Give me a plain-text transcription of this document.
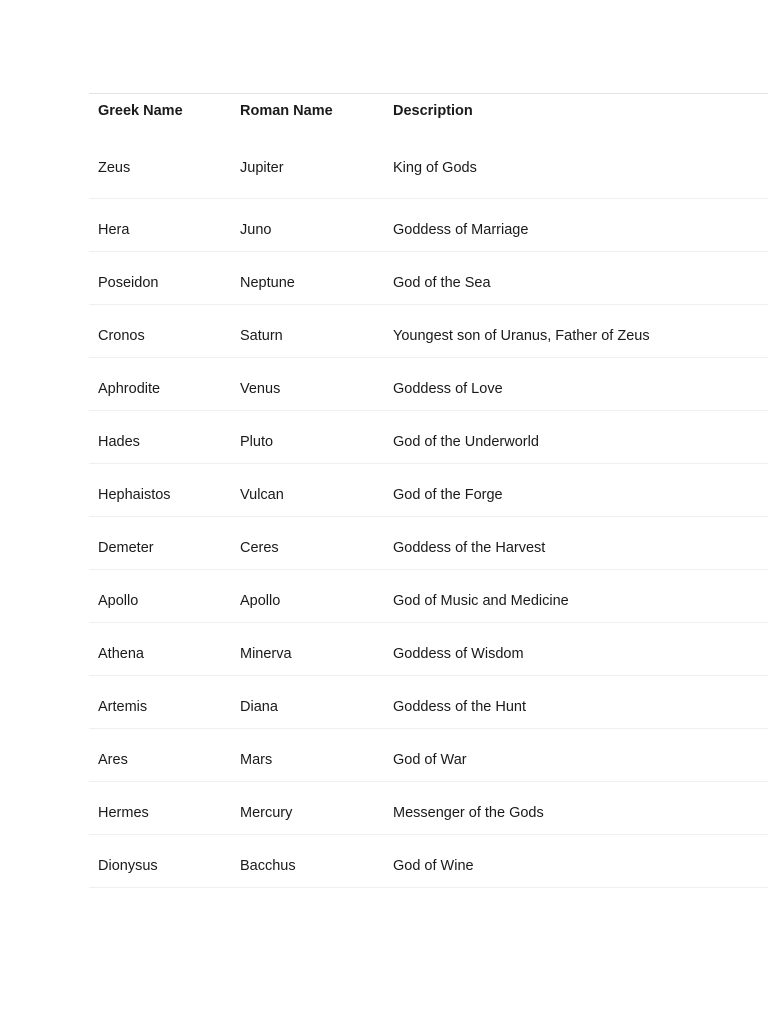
Greek Name	Roman Name	Description
Zeus	Jupiter	King of Gods
Hera	Juno	Goddess of Marriage
Poseidon	Neptune	God of the Sea
Cronos	Saturn	Youngest son of Uranus, Father of Zeus
Aphrodite	Venus	Goddess of Love
Hades	Pluto	God of the Underworld
Hephaistos	Vulcan	God of the Forge
Demeter	Ceres	Goddess of the Harvest
Apollo	Apollo	God of Music and Medicine
Athena	Minerva	Goddess of Wisdom
Artemis	Diana	Goddess of the Hunt
Ares	Mars	God of War
Hermes	Mercury	Messenger of the Gods
Dionysus	Bacchus	God of Wine
